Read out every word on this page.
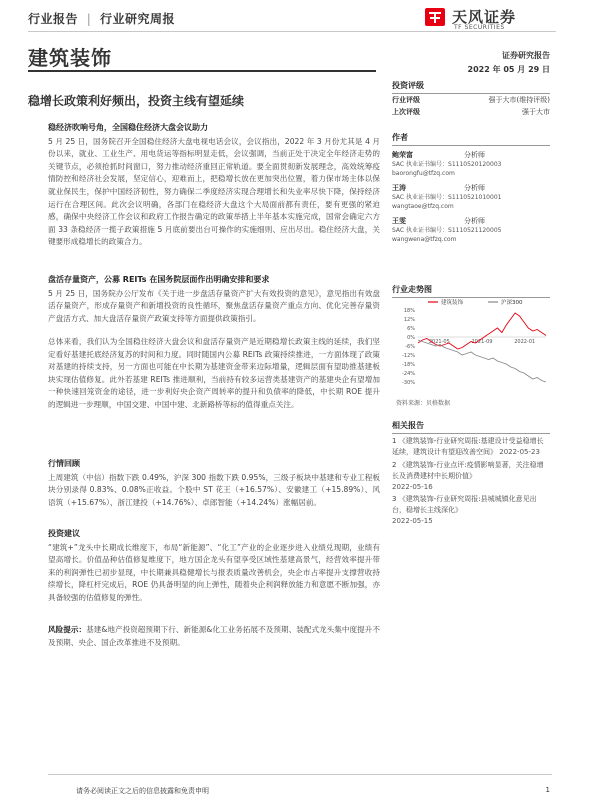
行业报告 | 行业研究周报	天风证券
TF SECURITIES
建筑装饰	证券研究报告
2022 年 05 月 29 日
稳增长政策利好频出，投资主线有望延续
稳经济吹响号角，全国稳住经济大盘会议助力

5 月 25 日，国务院召开全国稳住经济大盘电视电话会议，会议指出，2022 年 3 月份尤其是 4 月份以来，就业、工业生产、用电货运等指标明显走低，会议强调，当前正处于决定全年经济走势的关键节点，必须抢抓时间窗口，努力推动经济重回正常轨道。要全面贯彻新发展理念，高效统筹疫情防控和经济社会发展，坚定信心，迎难而上，把稳增长放在更加突出位置，着力保市场主体以保就业保民生，保护中国经济韧性，努力确保二季度经济实现合理增长和失业率尽快下降，保持经济运行在合理区间。此次会议明确，各部门在稳经济大盘这个大局面前都有责任，要有更强的紧迫感，确保中央经济工作会议和政府工作报告确定的政策举措上半年基本实施完成，国常会确定六方面 33 条稳经济一揽子政策措施 5 月底前要出台可操作的实施细则、应出尽出。稳住经济大盘，关键要形成稳增长的政策合力。

盘活存量资产，公募 REITs 在国务院层面作出明确安排和要求

5 月 25 日，国务院办公厅发布《关于进一步盘活存量资产扩大有效投资的意见》，意见指出有效盘活存量资产，形成存量资产和新增投资的良性循环，聚焦盘活存量资产重点方向、优化完善存量资产盘活方式、加大盘活存量资产政策支持等方面提供政策指引。

总体来看，我们认为全国稳住经济大盘会议和盘活存量资产是近期稳增长政策主线的延续，我们坚定看好基建托底经济复苏的时间和力度。同时随国内公募 REITs 政策持续推进，一方面体现了政策对基建的持续支持，另一方面也可能在中长期为基建资金带来边际增量，逻辑层面有望助推基建板块实现估值修复。此外若基建 REITs 推进顺利，当前持有较多运营类基建资产的基建央企有望增加一种快速回笼资金的途径，进一步利好央企资产周转率的提升和负债率的降低，中长期 ROE 提升的逻辑进一步理顺，中国交建、中国中建、北新路桥等标的值得重点关注。

行情回顾

上周建筑（中信）指数下跌 0.49%，沪深 300 指数下跌 0.95%，三级子板块中基建和专业工程板块分别录得 0.83%、0.08%正收益。个股中 ST 花王（+16.57%）、安徽建工（+15.89%）、风语筑（+15.67%）、浙江建投（+14.76%）、卓郎智能（+14.24%）涨幅居前。

投资建议

“建筑+”龙头中长期成长维度下，布局“新能源”、“化工”产业的企业逐步进入业绩兑现期，业绩有望高增长。价值品种估值修复维度下，地方国企龙头有望享受区域性基建高景气，经营效率提升带来的利润弹性已初步显现，中长期兼具稳健增长与报表质量改善机会，央企市占率提升支撑营收持续增长，降杠杆完成后，ROE 仍具备明显的向上弹性，随着央企利润释放能力和意愿不断加强，亦具备较强的估值修复的弹性。

风险提示：基建&地产投资超预期下行、新能源&化工业务拓展不及预期、装配式龙头集中度提升不及预期、央企、国企改革推进不及预期。

投资评级
行业评级	强于大市(维持评级)
上次评级	强于大市
作者
鲍荣富	分析师
SAC 执业证书编号：S1110520120003
baorongfu@tfzq.com
王涛	分析师
SAC 执业证书编号：S1110521010001
wangtaoe@tfzq.com
王雯	分析师
SAC 执业证书编号：S1110521120005
wangwena@tfzq.com
行业走势图
18%
12%
6%
0%
-6%
-12%
-18%
-24%
-30%
2021-05	2021-09	2022-01
建筑装饰	沪深300
资料来源：贝格数据
相关报告
1 《建筑装饰-行业研究周报:基建设计受益稳增长延续，建筑设计有望迎改善空间》 2022-05-23
2 《建筑装饰-行业点评:疫情影响显著，关注稳增长及消费建材中长期价值》
2022-05-16
3 《建筑装饰-行业研究周报:县城城镇化意见出台，稳增长主线深化》
2022-05-15
请务必阅读正文之后的信息披露和免责申明	1
